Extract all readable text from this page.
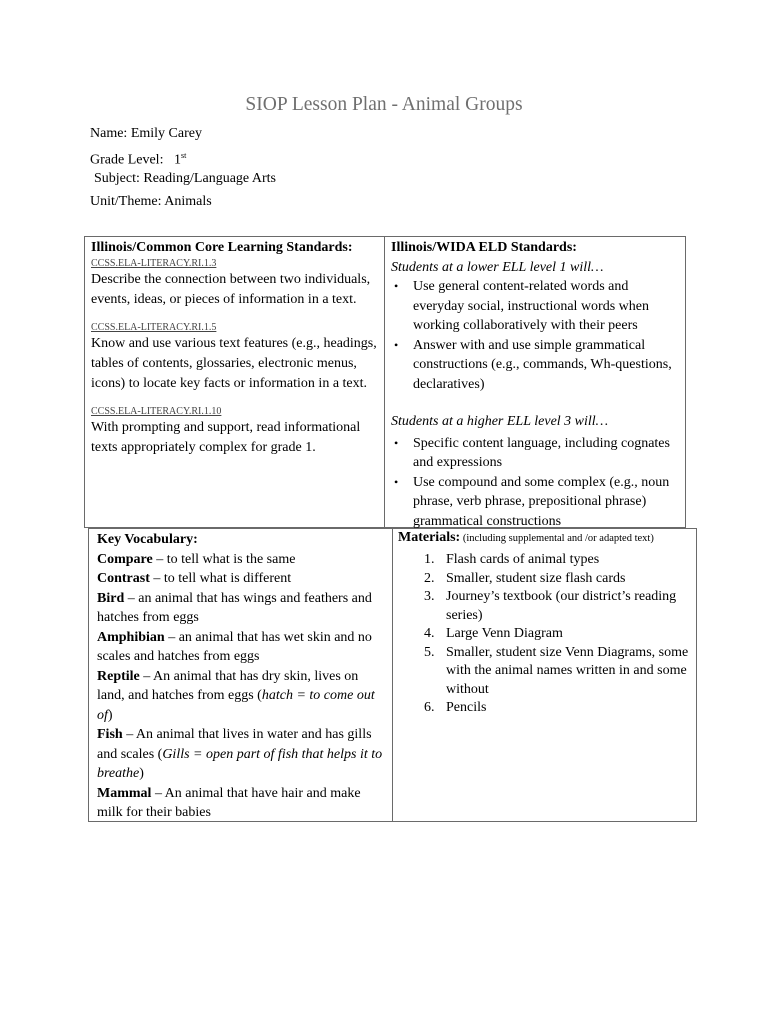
SIOP Lesson Plan - Animal Groups
Name: Emily Carey
Grade Level: 1st
Subject: Reading/Language Arts
Unit/Theme: Animals
Illinois/Common Core Learning Standards:
CCSS.ELA-LITERACY.RI.1.3
Describe the connection between two individuals, events, ideas, or pieces of information in a text.
CCSS.ELA-LITERACY.RI.1.5
Know and use various text features (e.g., headings, tables of contents, glossaries, electronic menus, icons) to locate key facts or information in a text.
CCSS.ELA-LITERACY.RI.1.10
With prompting and support, read informational texts appropriately complex for grade 1.
Illinois/WIDA ELD Standards:
Students at a lower ELL level 1 will…
• Use general content-related words and everyday social, instructional words when working collaboratively with their peers
• Answer with and use simple grammatical constructions (e.g., commands, Wh-questions, declaratives)
Students at a higher ELL level 3 will…
• Specific content language, including cognates and expressions
• Use compound and some complex (e.g., noun phrase, verb phrase, prepositional phrase) grammatical constructions
Key Vocabulary:
Compare – to tell what is the same
Contrast – to tell what is different
Bird – an animal that has wings and feathers and hatches from eggs
Amphibian – an animal that has wet skin and no scales and hatches from eggs
Reptile – An animal that has dry skin, lives on land, and hatches from eggs (hatch = to come out of)
Fish – An animal that lives in water and has gills and scales (Gills = open part of fish that helps it to breathe)
Mammal – An animal that have hair and make milk for their babies
Materials: (including supplemental and /or adapted text)
1. Flash cards of animal types
2. Smaller, student size flash cards
3. Journey’s textbook (our district’s reading series)
4. Large Venn Diagram
5. Smaller, student size Venn Diagrams, some with the animal names written in and some without
6. Pencils
